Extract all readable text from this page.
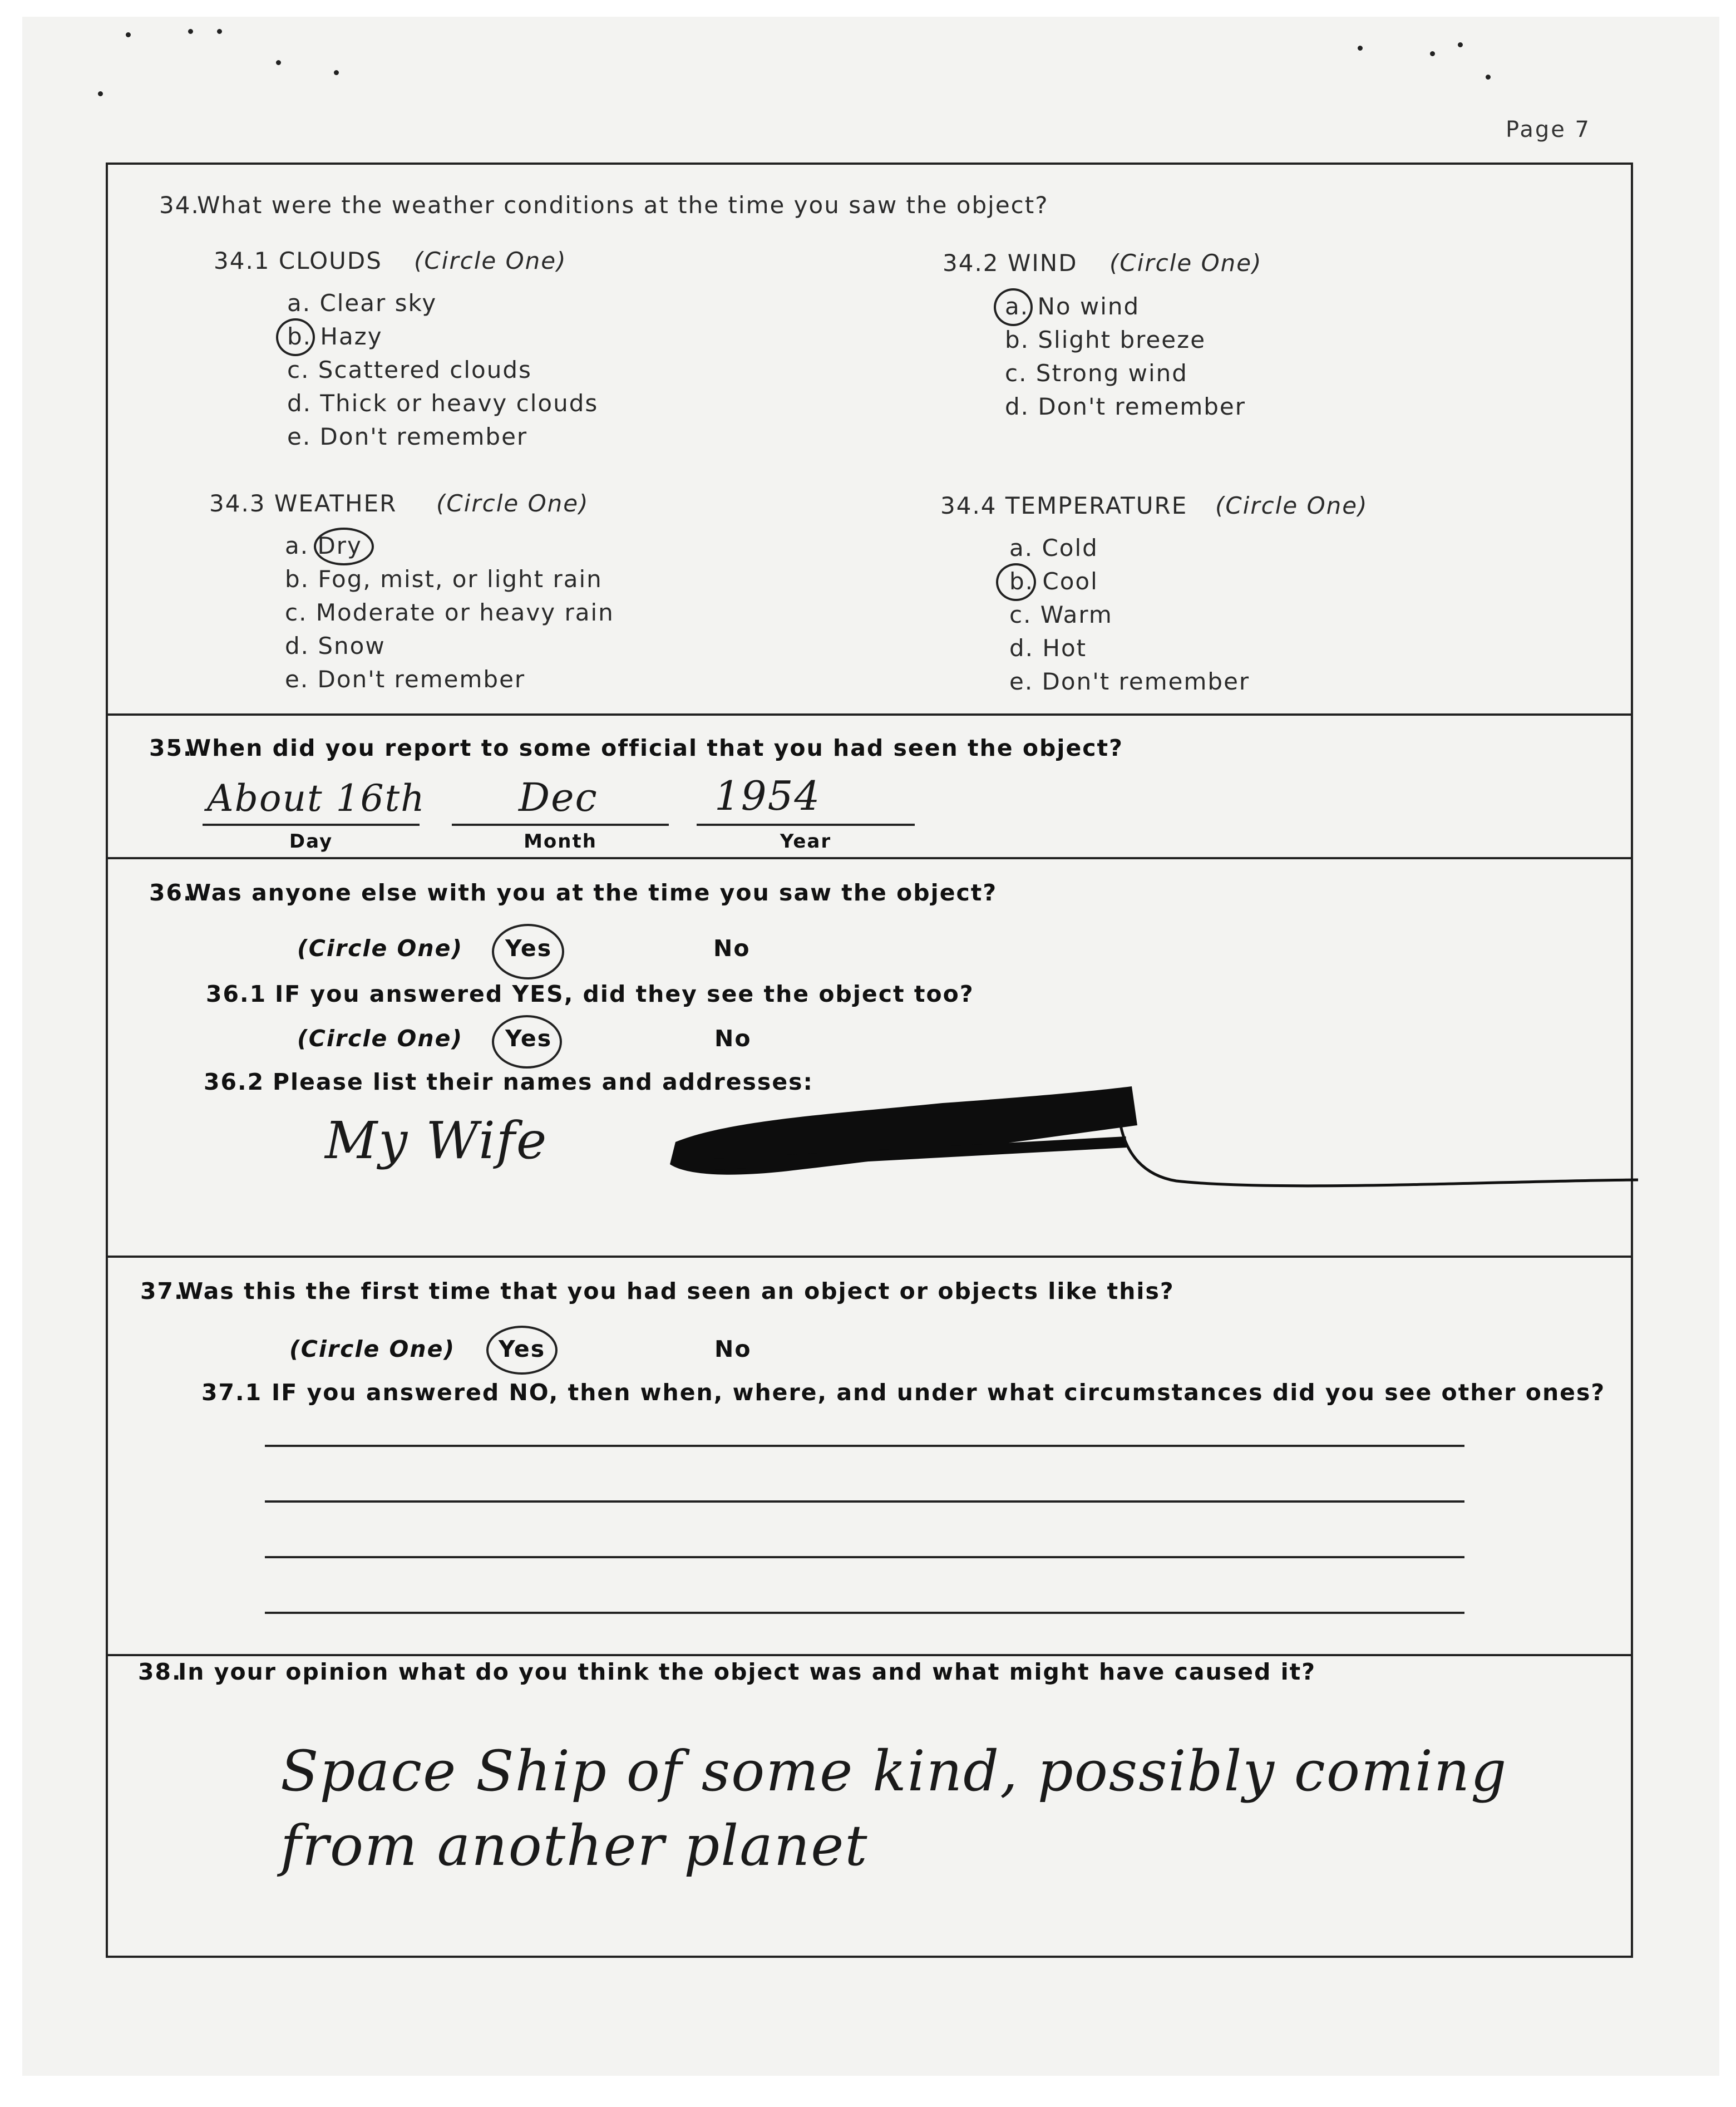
Page 7
34.
What were the weather conditions at the time you saw the object?
34.1 CLOUDS (Circle One)
a. Clear sky
b. Hazy
c. Scattered clouds
d. Thick or heavy clouds
e. Don't remember
34.2 WIND (Circle One)
a. No wind
b. Slight breeze
c. Strong wind
d. Don't remember
34.3 WEATHER (Circle One)
a. Dry
b. Fog, mist, or light rain
c. Moderate or heavy rain
d. Snow
e. Don't remember
34.4 TEMPERATURE (Circle One)
a. Cold
b. Cool
c. Warm
d. Hot
e. Don't remember
35.
When did you report to some official that you had seen the object?
About 16th Dec	1954
Day	Month	Year
36.
Was anyone else with you at the time you saw the object?
(Circle One) Yes	No
36.1 IF you answered YES, did they see the object too?
(Circle One) Yes	No
36.2 Please list their names and addresses:
My Wife
37.
Was this the first time that you had seen an object or objects like this?
(Circle One) Yes	No
37.1 IF you answered NO, then when, where, and under what circumstances did you see other ones?
38.
In your opinion what do you think the object was and what might have caused it?
Space Ship of some kind, possibly coming
from another planet
